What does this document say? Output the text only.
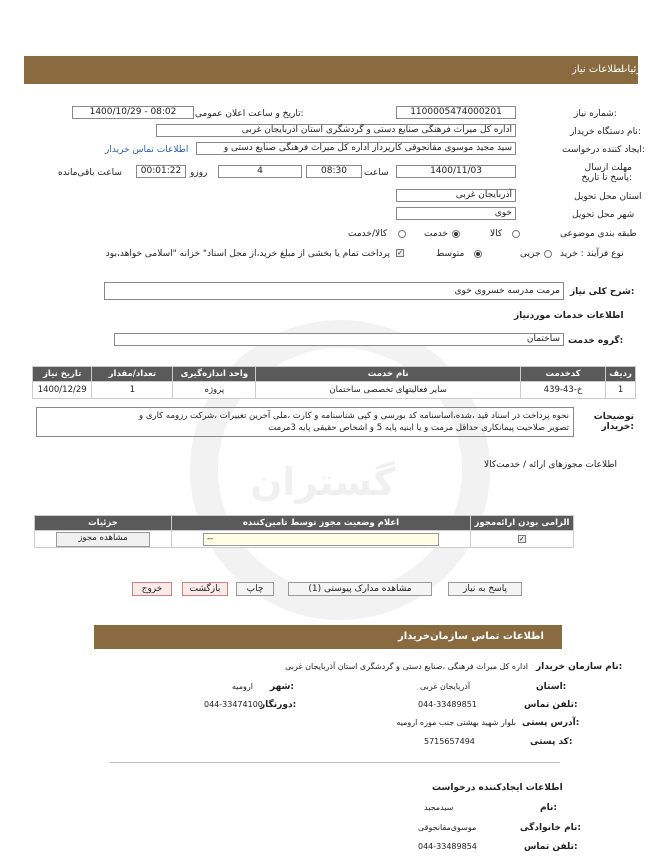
گستران
اطلاعات نیاز
جزئيات
شماره نیاز:
1100005474000201
تاریخ و ساعت اعلان عمومی:
1400/10/29 - 08:02
نام دستگاه خریدار:
اداره کل میراث فرهنگی صنایع دستی و گردشگری استان اذربایجان غربی
ایجاد کننده درخواست:
سید مجید موسوی مقانجوقی کارپرداز اداره کل میراث فرهنگی صنایع دستی و
اطلاعات تماس خریدار
مهلت ارسال پاسخ تا تاریخ:
1400/11/03
ساعت
08:30
روزو	4
00:01:22
ساعت باقی‌مانده
استان محل تحویل
آذربایجان غربی
شهر محل تحویل
خوی
طبقه بندی موضوعی
کالا
خدمت
کالا/خدمت
نوع فرآیند : خرید
جزیی
متوسط
✓
پرداخت تمام یا بخشی از مبلغ خرید،از محل اسناد" خزانه "اسلامی خواهد،بود
شرح کلی نیاز:
مرمت مدرسه خسروی خوی
اطلاعات خدمات موردنیاز
گروه خدمت:
ساختمان
تاریخ نیاز	تعداد/مقدار	واحد اندازه‌گیری	نام خدمت	کدخدمت	ردیف
1400/12/29	1	پروژه	سایر فعالیتهای تخصصی ساختمان	خ-43-439	1
توضیحات خریدار:
نحوه پرداخت در اسناد قید ،شده،اساسنامه کد بورسی و کپی شناسنامه و کارت ،ملی آخرین تغییرات ،شرکت رزومه کاری و
تصویر صلاحیت پیمانکاری حداقل مرمت و یا ابنیه پایه 5 و اشخاص حقیقی پایه 3مرمت
اطلاعات مجوزهای ارائه / خدمت‌کالا
جزئیات	اعلام وضعیت مجوز توسط تامین‌کننده	الزامی بودن ارائه‌مجوز
مشاهده مجوز	--	✓
پاسخ به نیاز
مشاهده مدارک پیوستی (1)
چاپ
بازگشت
خروج
اطلاعات تماس سازمان‌خریدار
نام سازمان خریدار:
اداره کل میراث فرهنگی ،صنایع دستی و گردشگری استان آذربایجان غربی
استان:
آذربایجان غربی
شهر:
ارومیه
تلفن تماس:
044-33489851
دورنگار:
044-33474100
آدرس پستی:
بلوار شهید بهشتی جنب موزه ارومیه
کد پستی:
5715657494
اطلاعات ایجادکننده درخواست
نام:
سیدمجید
نام خانوادگی:
موسوی‌مقانجوقی
تلفن تماس:
044-33489854
